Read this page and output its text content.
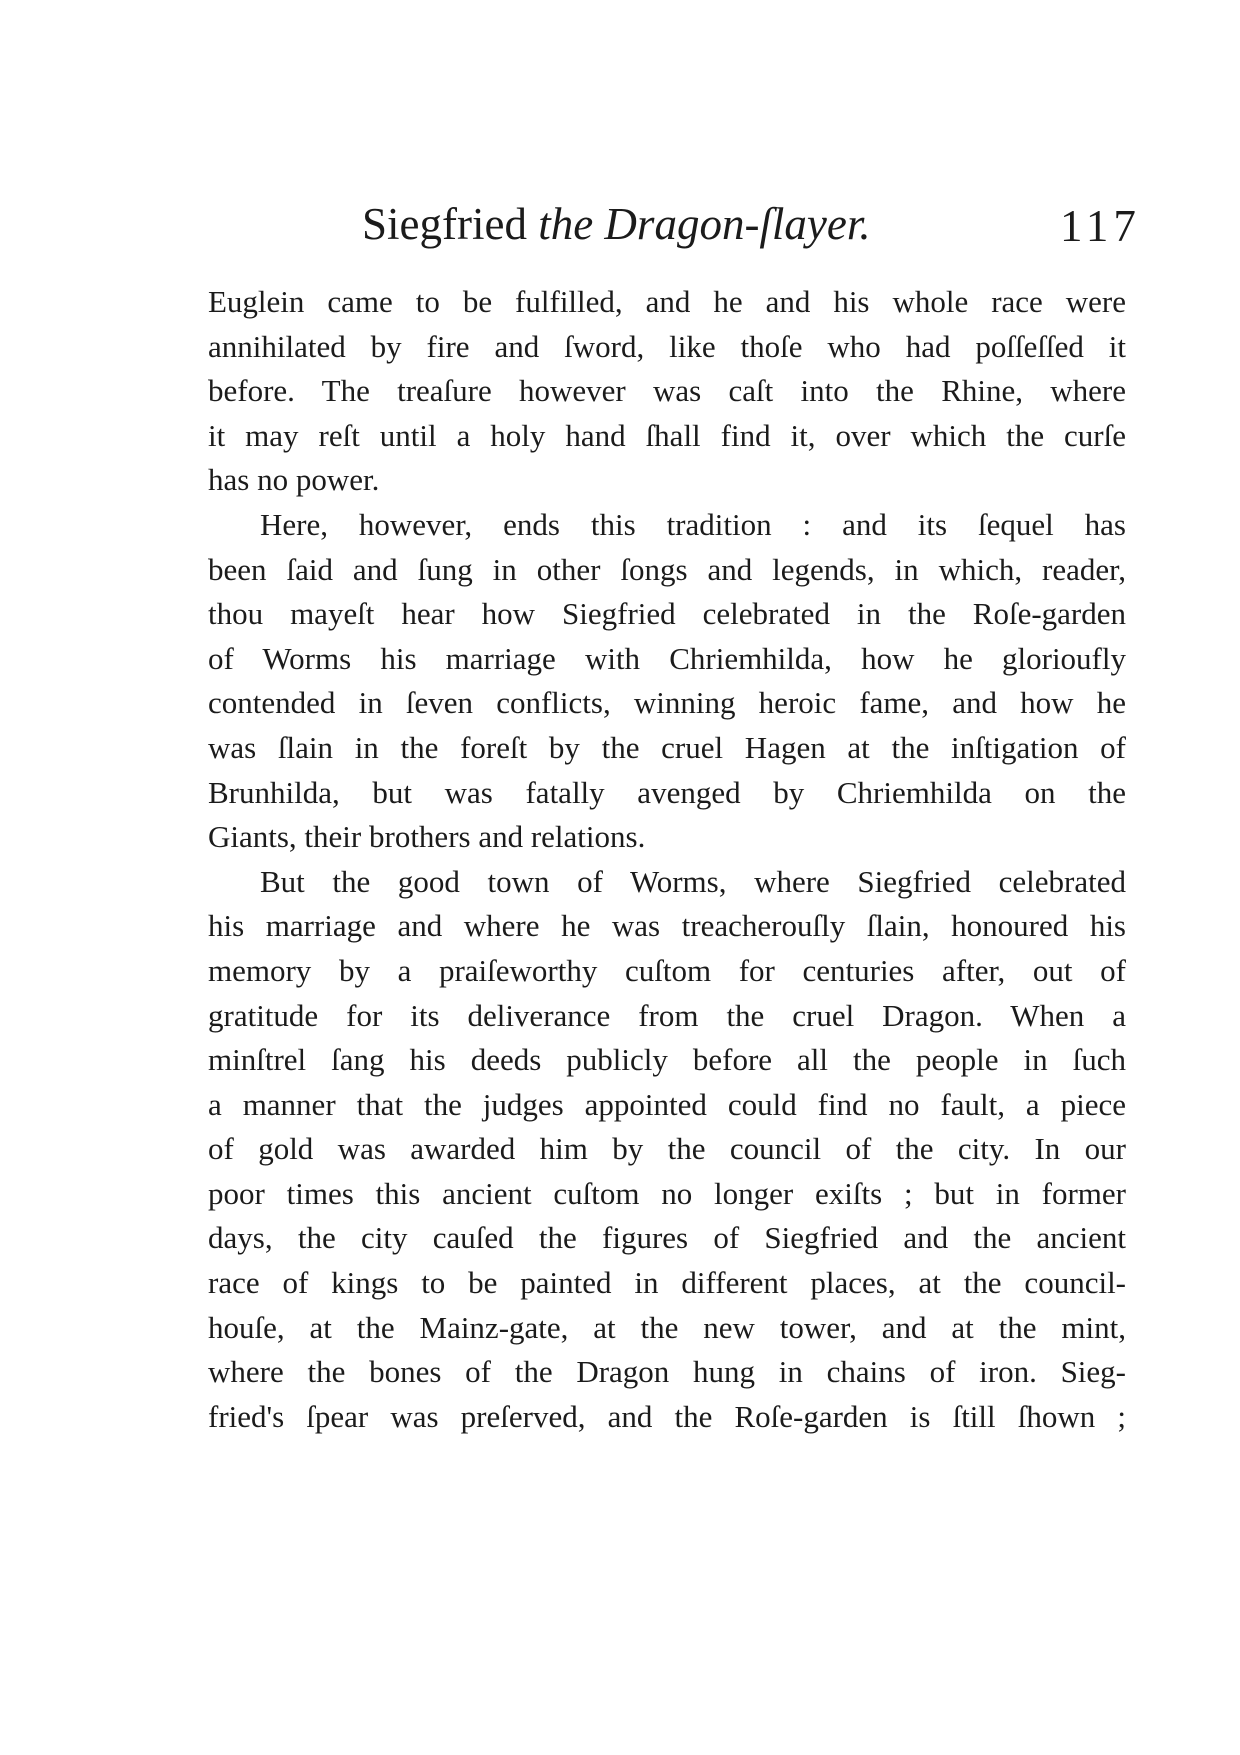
Siegfried the Dragon-ſlayer.	117
Euglein came to be fulfilled, and he and his whole race were
annihilated by fire and ſword, like thoſe who had poſſeſſed it
before. The treaſure however was caſt into the Rhine, where
it may reſt until a holy hand ſhall find it, over which the curſe
has no power.
Here, however, ends this tradition : and its ſequel has
been ſaid and ſung in other ſongs and legends, in which, reader,
thou mayeſt hear how Siegfried celebrated in the Roſe-garden
of Worms his marriage with Chriemhilda, how he glorioufly
contended in ſeven conflicts, winning heroic fame, and how he
was ſlain in the foreſt by the cruel Hagen at the inſtigation of
Brunhilda, but was fatally avenged by Chriemhilda on the
Giants, their brothers and relations.
But the good town of Worms, where Siegfried celebrated
his marriage and where he was treacherouſly ſlain, honoured his
memory by a praiſeworthy cuſtom for centuries after, out of
gratitude for its deliverance from the cruel Dragon. When a
minſtrel ſang his deeds publicly before all the people in ſuch
a manner that the judges appointed could find no fault, a piece
of gold was awarded him by the council of the city. In our
poor times this ancient cuſtom no longer exiſts ; but in former
days, the city cauſed the figures of Siegfried and the ancient
race of kings to be painted in different places, at the council-
houſe, at the Mainz-gate, at the new tower, and at the mint,
where the bones of the Dragon hung in chains of iron. Sieg-
fried's ſpear was preſerved, and the Roſe-garden is ſtill ſhown ;
